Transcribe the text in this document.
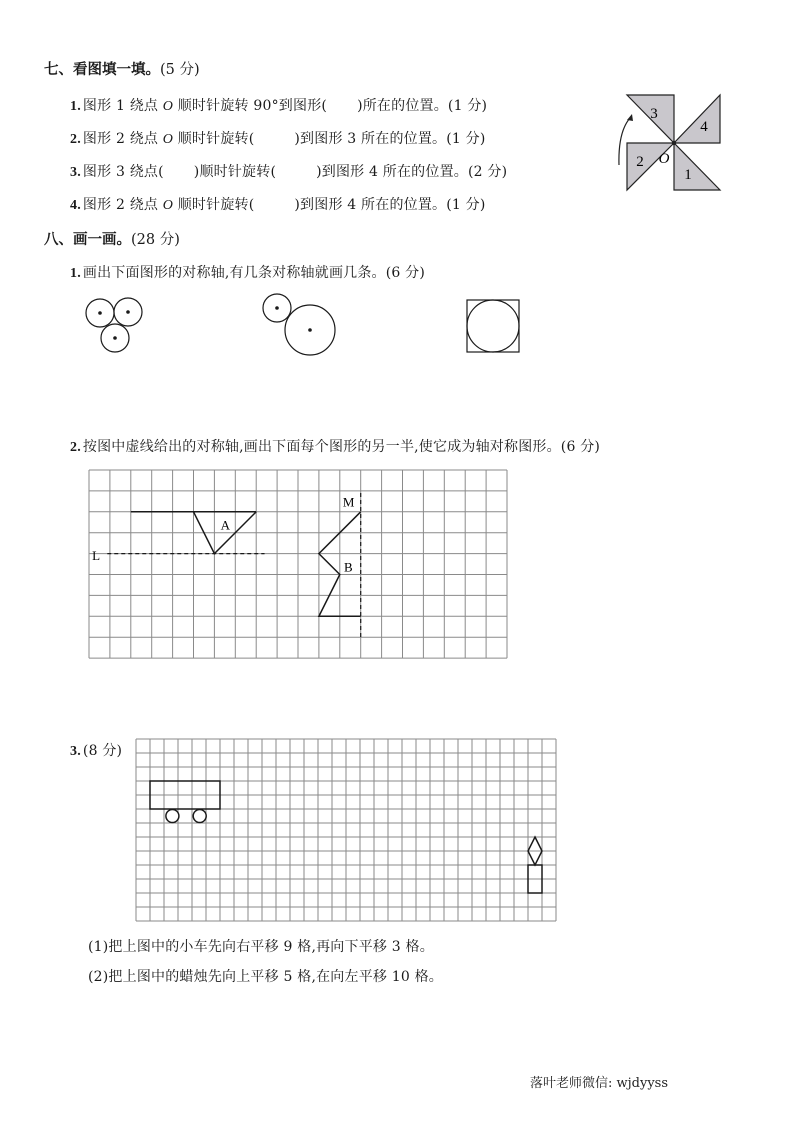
七、看图填一填。(5 分)
1. 图形 1 绕点 O 顺时针旋转 90°到图形( )所在的位置。(1 分)
2. 图形 2 绕点 O 顺时针旋转(	)到图形 3 所在的位置。(1 分)
3. 图形 3 绕点( )顺时针旋转(	)到图形 4 所在的位置。(2 分)
4. 图形 2 绕点 O 顺时针旋转(	)到图形 4 所在的位置。(1 分)
3
4
2
1
O
八、画一画。(28 分)
1. 画出下面图形的对称轴,有几条对称轴就画几条。(6 分)
2. 按图中虚线给出的对称轴,画出下面每个图形的另一半,使它成为轴对称图形。(6 分)
A
B
L
M
3. (8 分)
(1)把上图中的小车先向右平移 9 格,再向下平移 3 格。
(2)把上图中的蜡烛先向上平移 5 格,在向左平移 10 格。
落叶老师微信: wjdyyss
